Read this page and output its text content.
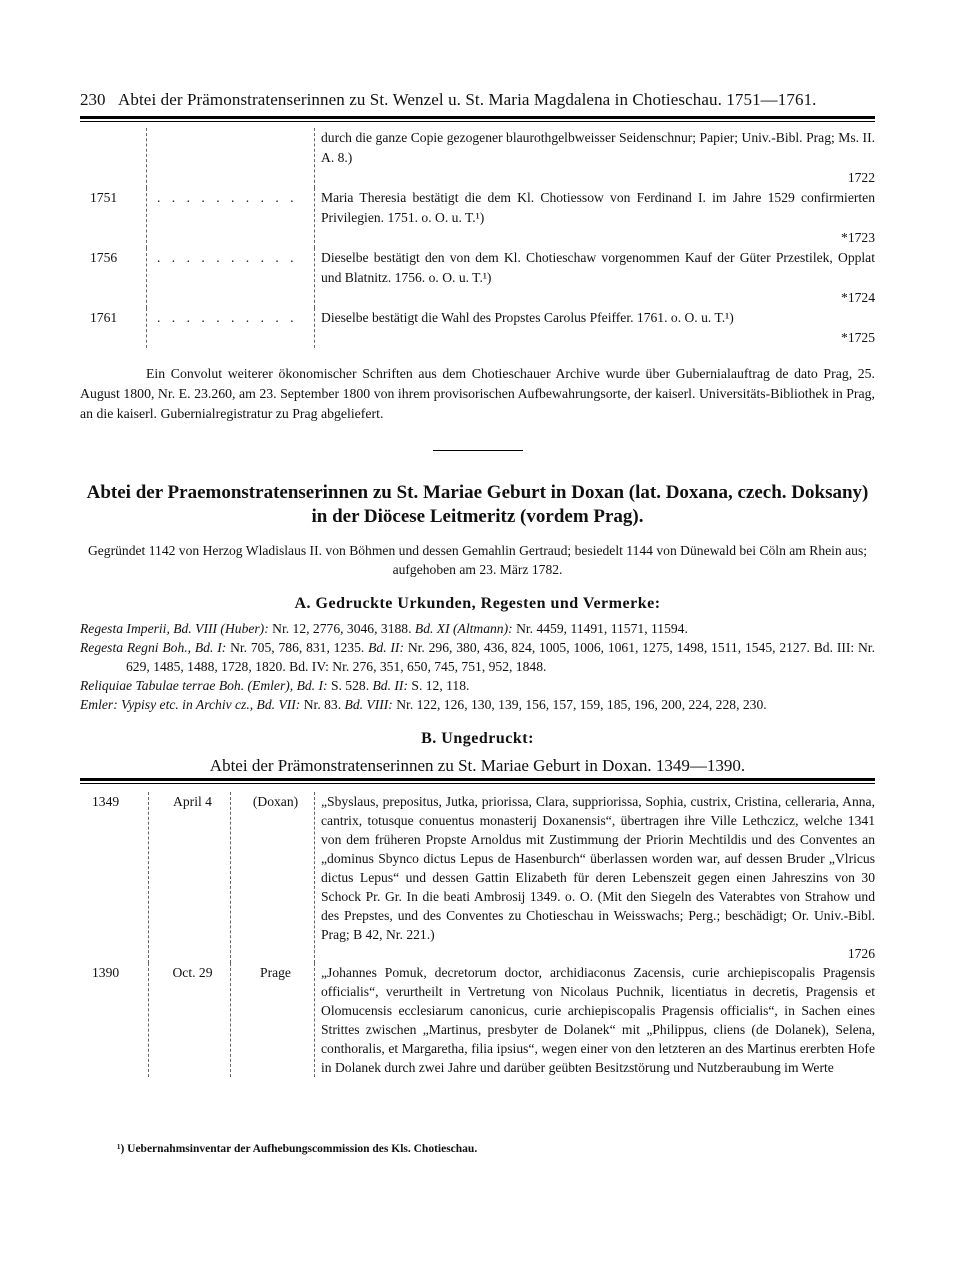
230 Abtei der Prämonstratenserinnen zu St. Wenzel u. St. Maria Magdalena in Chotieschau. 1751—1761.
durch die ganze Copie gezogener blaurothgelbweisser Seidenschnur; Papier; Univ.-Bibl. Prag; Ms. II. A. 8.)
1722
1751	. . . . . . . . . .	Maria Theresia bestätigt die dem Kl. Chotiessow von Ferdinand I. im Jahre 1529 confirmierten Privilegien. 1751. o. O. u. T.¹)
*1723
1756	. . . . . . . . . .	Dieselbe bestätigt den von dem Kl. Chotieschaw vorgenommen Kauf der Güter Przestilek, Opplat und Blatnitz. 1756. o. O. u. T.¹)
*1724
1761	. . . . . . . . . .	Dieselbe bestätigt die Wahl des Propstes Carolus Pfeiffer. 1761. o. O. u. T.¹)
*1725

Ein Convolut weiterer ökonomischer Schriften aus dem Chotieschauer Archive wurde über Gubernialauftrag de dato Prag, 25. August 1800, Nr. E. 23.260, am 23. September 1800 von ihrem provisorischen Aufbewahrungsorte, der kaiserl. Universitäts-Bibliothek in Prag, an die kaiserl. Gubernialregistratur zu Prag abgeliefert.

Abtei der Praemonstratenserinnen zu St. Mariae Geburt in Doxan (lat. Doxana, czech. Doksany)
in der Diöcese Leitmeritz (vordem Prag).
Gegründet 1142 von Herzog Wladislaus II. von Böhmen und dessen Gemahlin Gertraud; besiedelt 1144 von Dünewald bei Cöln am Rhein aus; aufgehoben am 23. März 1782.
A. Gedruckte Urkunden, Regesten und Vermerke:

Regesta Imperii, Bd. VIII (Huber): Nr. 12, 2776, 3046, 3188. Bd. XI (Altmann): Nr. 4459, 11491, 11571, 11594.

Regesta Regni Boh., Bd. I: Nr. 705, 786, 831, 1235. Bd. II: Nr. 296, 380, 436, 824, 1005, 1006, 1061, 1275, 1498, 1511, 1545, 2127. Bd. III: Nr. 629, 1485, 1488, 1728, 1820. Bd. IV: Nr. 276, 351, 650, 745, 751, 952, 1848.

Reliquiae Tabulae terrae Boh. (Emler), Bd. I: S. 528. Bd. II: S. 12, 118.

Emler: Vypisy etc. in Archiv cz., Bd. VII: Nr. 83. Bd. VIII: Nr. 122, 126, 130, 139, 156, 157, 159, 185, 196, 200, 224, 228, 230.

B. Ungedruckt:
Abtei der Prämonstratenserinnen zu St. Mariae Geburt in Doxan. 1349—1390.
1349	April 4	(Doxan)	„Sbyslaus, prepositus, Jutka, priorissa, Clara, suppriorissa, Sophia, custrix, Cristina, celleraria, Anna, cantrix, totusque conuentus monasterij Doxanensis“, übertragen ihre Ville Lethczicz, welche 1341 von dem früheren Propste Arnoldus mit Zustimmung der Priorin Mechtildis und des Conventes an „dominus Sbynco dictus Lepus de Hasenburch“ überlassen worden war, auf dessen Bruder „Vlricus dictus Lepus“ und dessen Gattin Elizabeth für deren Lebenszeit gegen einen Jahreszins von 30 Schock Pr. Gr. In die beati Ambrosij 1349. o. O. (Mit den Siegeln des Vaterabtes von Strahow und des Prepstes, und des Conventes zu Chotieschau in Weisswachs; Perg.; beschädigt; Or. Univ.-Bibl. Prag; B 42, Nr. 221.)
1726
1390	Oct. 29	Prage	„Johannes Pomuk, decretorum doctor, archidiaconus Zacensis, curie archiepiscopalis Pragensis officialis“, verurtheilt in Vertretung von Nicolaus Puchnik, licentiatus in decretis, Pragensis et Olomucensis ecclesiarum canonicus, curie archiepiscopalis Pragensis officialis“, in Sachen eines Strittes zwischen „Martinus, presbyter de Dolanek“ mit „Philippus, cliens (de Dolanek), Selena, conthoralis, et Margaretha, filia ipsius“, wegen einer von den letzteren an des Martinus ererbten Hofe in Dolanek durch zwei Jahre und darüber geübten Besitzstörung und Nutzberaubung im Werte
¹) Uebernahmsinventar der Aufhebungscommission des Kls. Chotieschau.
